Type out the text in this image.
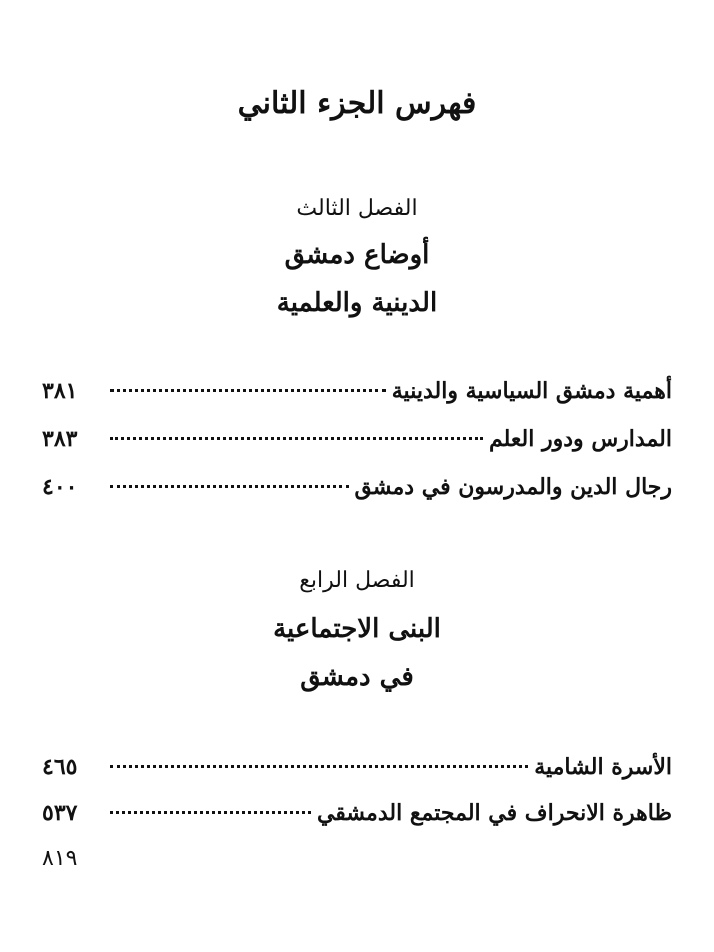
فهرس الجزء الثاني
الفصل الثالث
أوضاع دمشق
الدينية والعلمية
أهمية دمشق السياسية والدينية
٣٨١
المدارس ودور العلم
٣٨٣
رجال الدين والمدرسون في دمشق
٤٠٠
الفصل الرابع
البنى الاجتماعية
في دمشق
الأسرة الشامية
٤٦٥
ظاهرة الانحراف في المجتمع الدمشقي
٥٣٧
٨١٩
